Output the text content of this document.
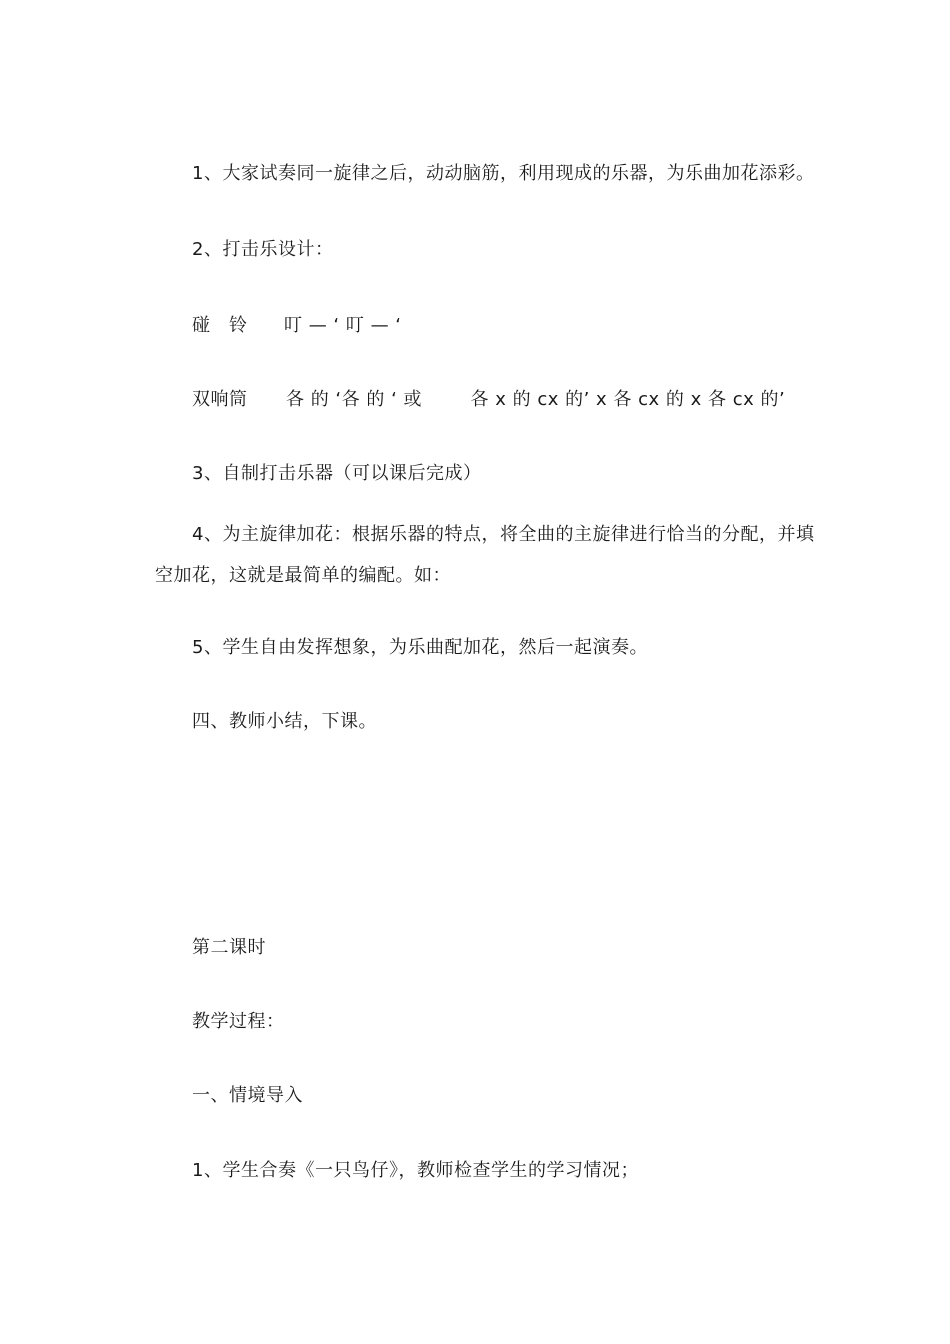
1、大家试奏同一旋律之后，动动脑筋，利用现成的乐器，为乐曲加花添彩。
2、打击乐设计：
碰　铃 叮 — ‘ 叮 — ‘
双响筒 各 的 ‘各 的 ‘ 或	各 x 的 cx 的’ x 各 cx 的 x 各 cx 的’
3、自制打击乐器（可以课后完成）
4、为主旋律加花：根据乐器的特点，将全曲的主旋律进行恰当的分配，并填
空加花，这就是最简单的编配。如：
5、学生自由发挥想象，为乐曲配加花，然后一起演奏。
四、教师小结，下课。
第二课时
教学过程：
一、情境导入
1、学生合奏《一只鸟仔》，教师检查学生的学习情况；
